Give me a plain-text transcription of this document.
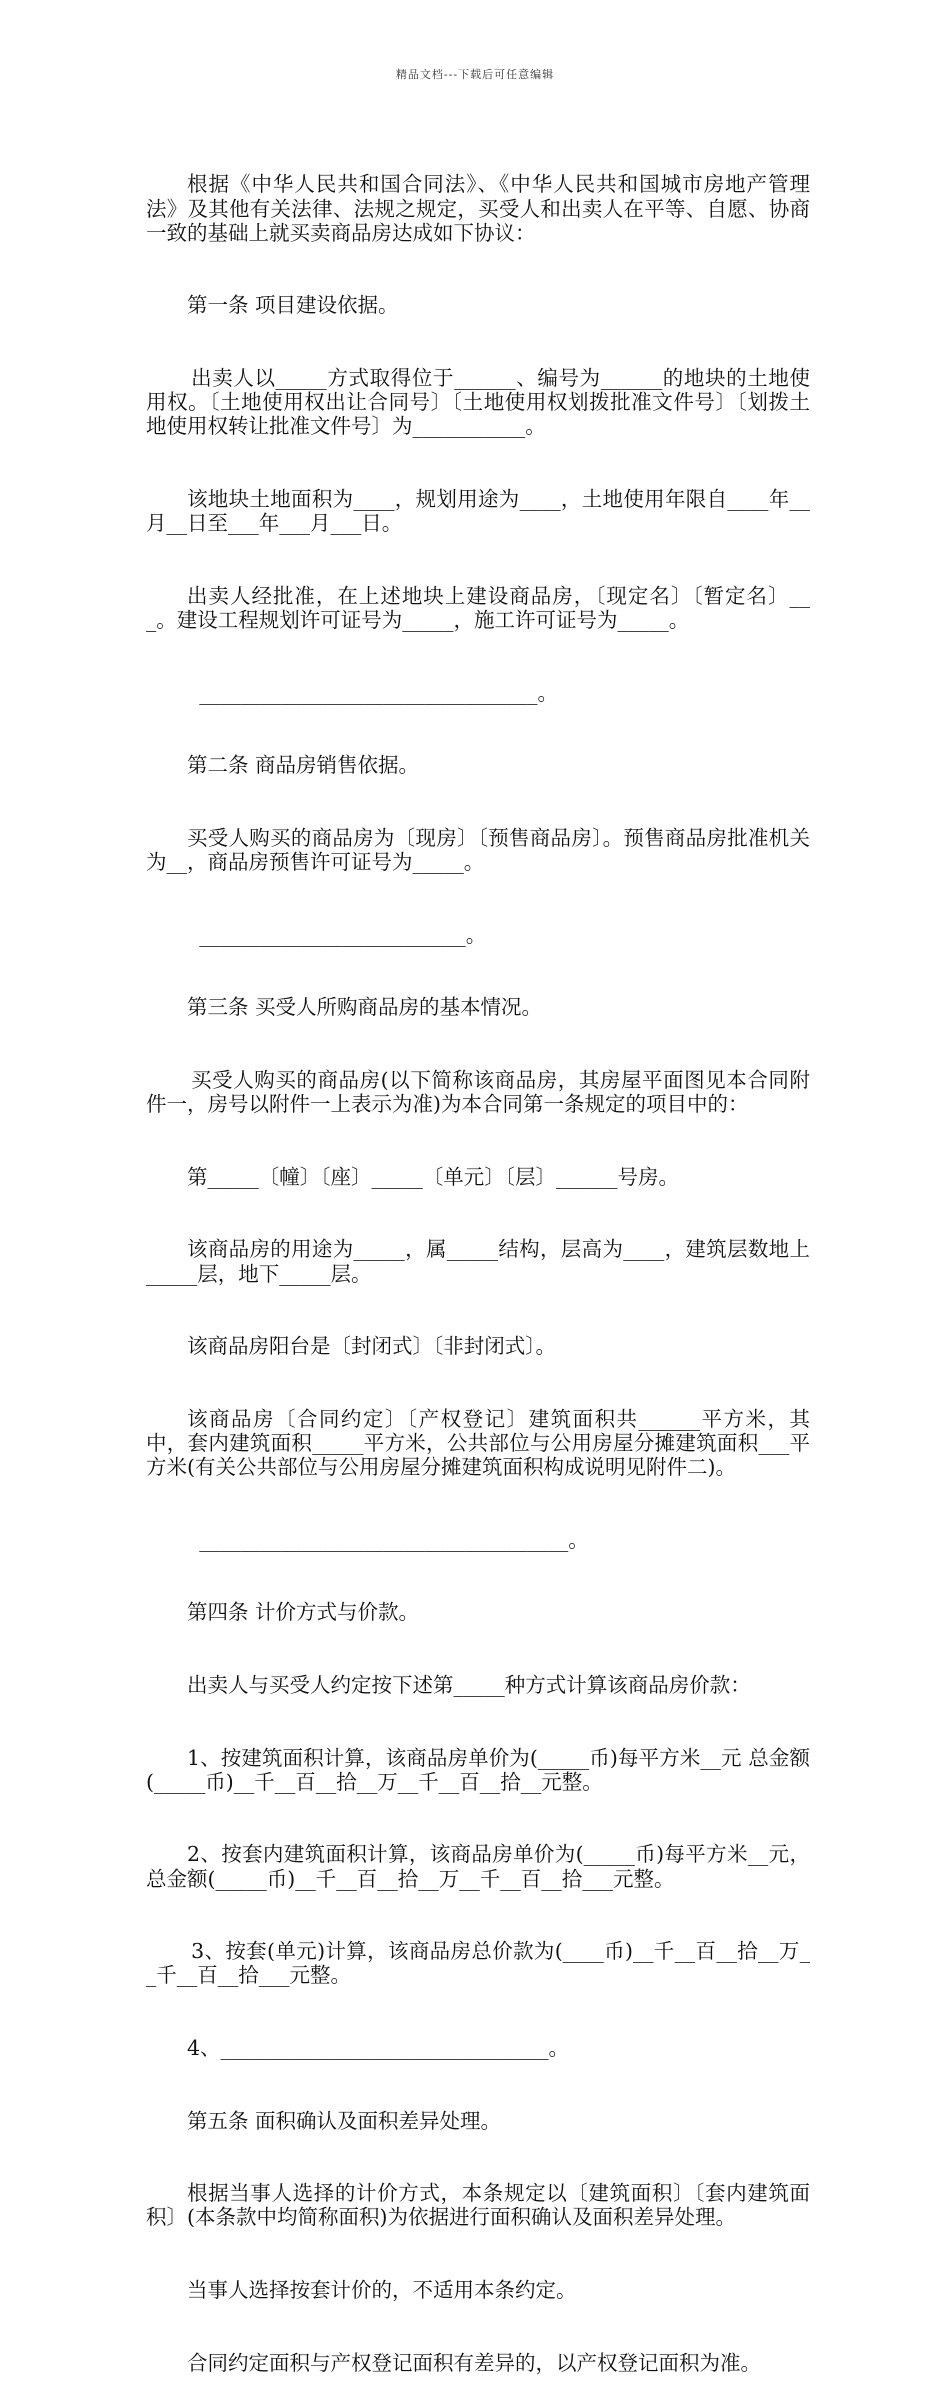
精品文档---下载后可任意编辑

根据《中华人民共和国合同法》、《中华人民共和国城市房地产管理法》及其他有关法律、法规之规定，买受人和出卖人在平等、自愿、协商一致的基础上就买卖商品房达成如下协议：

第一条 项目建设依据。

出卖人以_____方式取得位于______、编号为______的地块的土地使用权。〔土地使用权出让合同号〕〔土地使用权划拨批准文件号〕〔划拨土地使用权转让批准文件号〕为___________。

该地块土地面积为____，规划用途为____，土地使用年限自____年__月__日至___年___月___日。

出卖人经批准，在上述地块上建设商品房，〔现定名〕〔暂定名〕___。建设工程规划许可证号为_____，施工许可证号为_____。

_________________________________。

第二条 商品房销售依据。

买受人购买的商品房为〔现房〕〔预售商品房〕。预售商品房批准机关为__，商品房预售许可证号为_____。

__________________________。

第三条 买受人所购商品房的基本情况。

买受人购买的商品房(以下简称该商品房，其房屋平面图见本合同附件一，房号以附件一上表示为准)为本合同第一条规定的项目中的：

第_____〔幢〕〔座〕_____〔单元〕〔层〕______号房。

该商品房的用途为_____，属_____结构，层高为____，建筑层数地上_____层，地下_____层。

该商品房阳台是〔封闭式〕〔非封闭式〕。

该商品房〔合同约定〕〔产权登记〕建筑面积共______平方米，其中，套内建筑面积_____平方米，公共部位与公用房屋分摊建筑面积___平方米(有关公共部位与公用房屋分摊建筑面积构成说明见附件二)。

____________________________________。

第四条 计价方式与价款。

出卖人与买受人约定按下述第_____种方式计算该商品房价款：

1、按建筑面积计算，该商品房单价为(_____币)每平方米__元 总金额(_____币)__千__百__拾__万__千__百__拾__元整。

2、按套内建筑面积计算，该商品房单价为(_____币)每平方米__元，总金额(_____币)__千__百__拾__万__千__百__拾___元整。

3、按套(单元)计算，该商品房总价款为(____币)__千__百__拾__万__千__百__拾___元整。

4、________________________________。

第五条 面积确认及面积差异处理。

根据当事人选择的计价方式，本条规定以〔建筑面积〕〔套内建筑面积〕(本条款中均简称面积)为依据进行面积确认及面积差异处理。

当事人选择按套计价的，不适用本条约定。

合同约定面积与产权登记面积有差异的，以产权登记面积为准。
